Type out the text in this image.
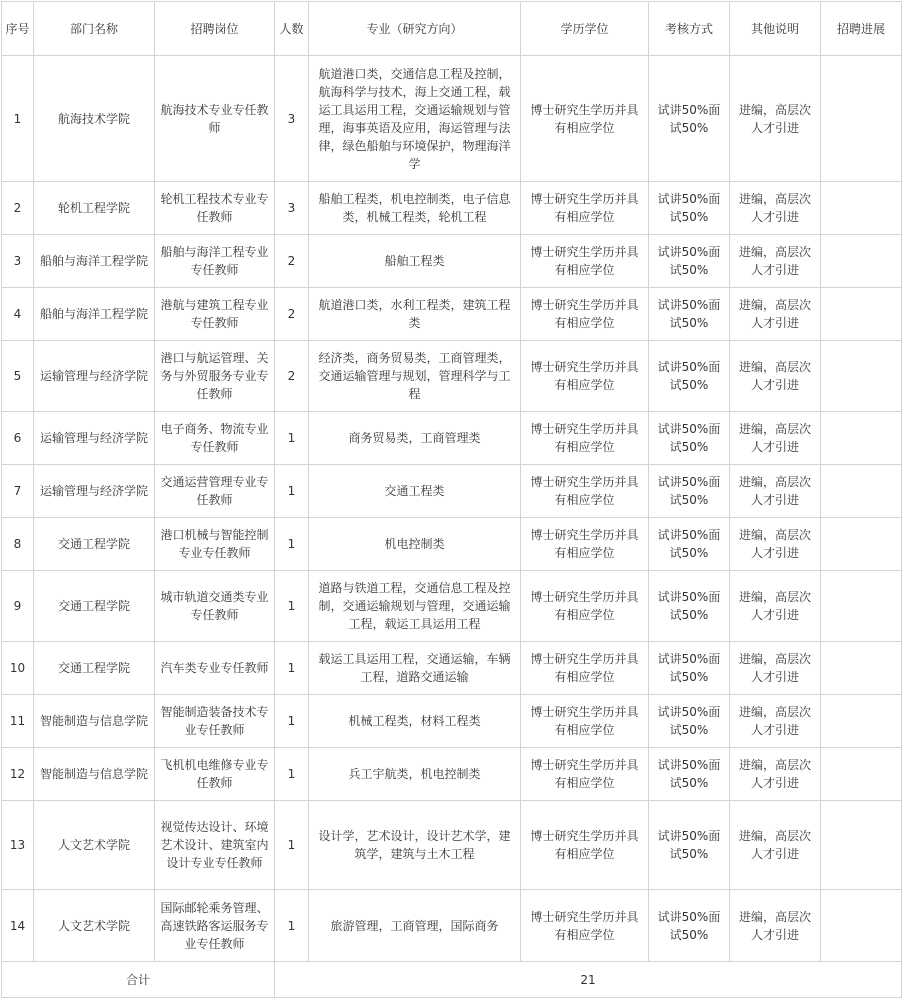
序号	部门名称	招聘岗位	人数	专业（研究方向）	学历学位	考核方式	其他说明	招聘进展
1	航海技术学院	航海技术专业专任教师	3	航道港口类，交通信息工程及控制，航海科学与技术，海上交通工程，载运工具运用工程，交通运输规划与管理，海事英语及应用，海运管理与法律，绿色船舶与环境保护，物理海洋学	博士研究生学历并具有相应学位	试讲50%面试50%	进编，高层次人才引进	
2	轮机工程学院	轮机工程技术专业专任教师	3	船舶工程类，机电控制类，电子信息类，机械工程类，轮机工程	博士研究生学历并具有相应学位	试讲50%面试50%	进编，高层次人才引进	
3	船舶与海洋工程学院	船舶与海洋工程专业专任教师	2	船舶工程类	博士研究生学历并具有相应学位	试讲50%面试50%	进编，高层次人才引进	
4	船舶与海洋工程学院	港航与建筑工程专业专任教师	2	航道港口类，水利工程类，建筑工程类	博士研究生学历并具有相应学位	试讲50%面试50%	进编，高层次人才引进	
5	运输管理与经济学院	港口与航运管理、关务与外贸服务专业专任教师	2	经济类，商务贸易类，工商管理类，交通运输管理与规划，管理科学与工程	博士研究生学历并具有相应学位	试讲50%面试50%	进编，高层次人才引进	
6	运输管理与经济学院	电子商务、物流专业专任教师	1	商务贸易类，工商管理类	博士研究生学历并具有相应学位	试讲50%面试50%	进编，高层次人才引进	
7	运输管理与经济学院	交通运营管理专业专任教师	1	交通工程类	博士研究生学历并具有相应学位	试讲50%面试50%	进编，高层次人才引进	
8	交通工程学院	港口机械与智能控制专业专任教师	1	机电控制类	博士研究生学历并具有相应学位	试讲50%面试50%	进编，高层次人才引进	
9	交通工程学院	城市轨道交通类专业专任教师	1	道路与铁道工程，交通信息工程及控制，交通运输规划与管理，交通运输工程，载运工具运用工程	博士研究生学历并具有相应学位	试讲50%面试50%	进编，高层次人才引进	
10	交通工程学院	汽车类专业专任教师	1	载运工具运用工程，交通运输，车辆工程，道路交通运输	博士研究生学历并具有相应学位	试讲50%面试50%	进编，高层次人才引进	
11	智能制造与信息学院	智能制造装备技术专业专任教师	1	机械工程类，材料工程类	博士研究生学历并具有相应学位	试讲50%面试50%	进编，高层次人才引进	
12	智能制造与信息学院	飞机机电维修专业专任教师	1	兵工宇航类，机电控制类	博士研究生学历并具有相应学位	试讲50%面试50%	进编，高层次人才引进	
13	人文艺术学院	视觉传达设计、环境艺术设计、建筑室内设计专业专任教师	1	设计学，艺术设计，设计艺术学，建筑学，建筑与土木工程	博士研究生学历并具有相应学位	试讲50%面试50%	进编，高层次人才引进	
14	人文艺术学院	国际邮轮乘务管理、高速铁路客运服务专业专任教师	1	旅游管理，工商管理，国际商务	博士研究生学历并具有相应学位	试讲50%面试50%	进编，高层次人才引进	
合计			21					
